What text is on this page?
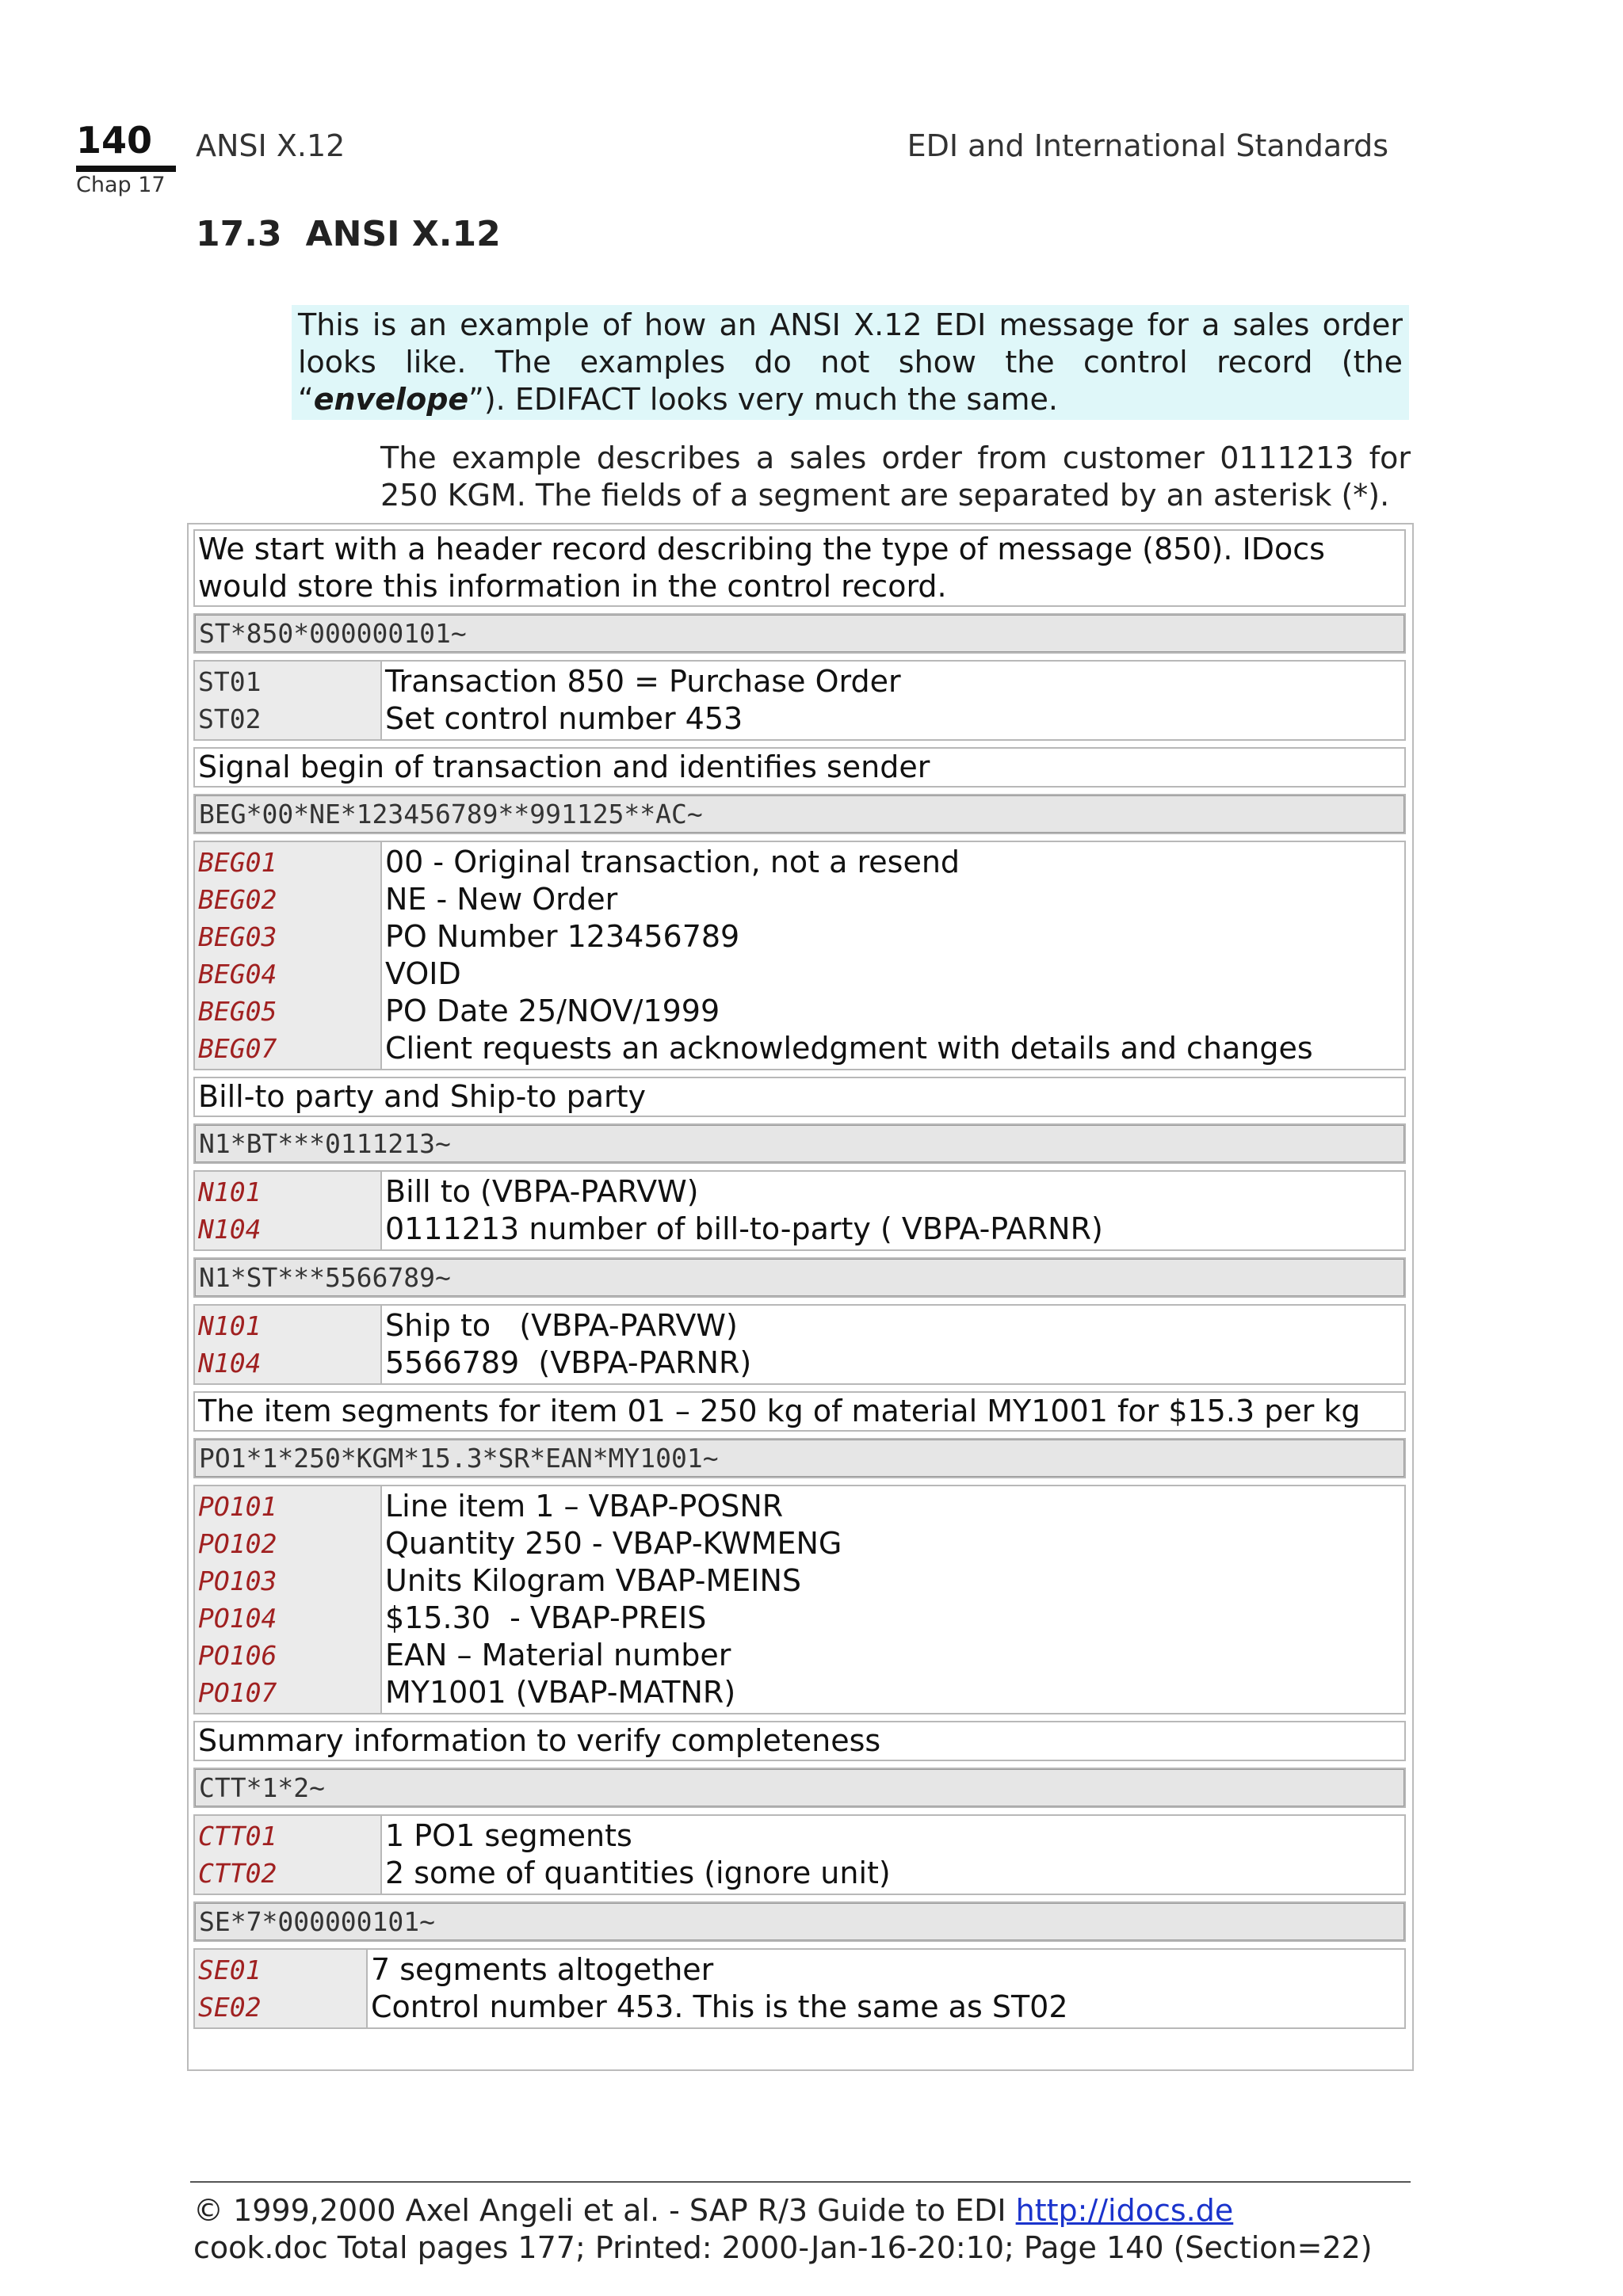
140
Chap 17
ANSI X.12	EDI and International Standards
17.3 ANSI X.12
This is an example of how an ANSI X.12 EDI message for a sales order looks like. The examples do not show the control record (the “envelope”). EDIFACT looks very much the same.
The example describes a sales order from customer 0111213 for 250 KGM. The fields of a segment are separated by an asterisk (*).
We start with a header record describing the type of message (850). IDocs would store this information in the control record.
ST*850*000000101~
ST01
ST02
Transaction 850 = Purchase Order
Set control number 453
Signal begin of transaction and identifies sender
BEG*00*NE*123456789**991125**AC~
BEG01
BEG02
BEG03
BEG04
BEG05
BEG07
00 - Original transaction, not a resend
NE - New Order
PO Number 123456789
VOID
PO Date 25/NOV/1999
Client requests an acknowledgment with details and changes
Bill-to party and Ship-to party
N1*BT***0111213~
N101
N104
Bill to (VBPA-PARVW)
0111213 number of bill-to-party ( VBPA-PARNR)
N1*ST***5566789~
N101
N104
Ship to   (VBPA-PARVW)
5566789  (VBPA-PARNR)
The item segments for item 01 – 250 kg of material MY1001 for $15.3 per kg
PO1*1*250*KGM*15.3*SR*EAN*MY1001~
PO101
PO102
PO103
PO104
PO106
PO107
Line item 1 – VBAP-POSNR
Quantity 250 - VBAP-KWMENG
Units Kilogram VBAP-MEINS
$15.30  - VBAP-PREIS
EAN – Material number
MY1001 (VBAP-MATNR)
Summary information to verify completeness
CTT*1*2~
CTT01
CTT02
1 PO1 segments
2 some of quantities (ignore unit)
SE*7*000000101~
SE01
SE02
7 segments altogether
Control number 453. This is the same as ST02
© 1999,2000 Axel Angeli et al. - SAP R/3 Guide to EDI http://idocs.de
cook.doc Total pages 177; Printed: 2000-Jan-16-20:10; Page 140 (Section=22)
